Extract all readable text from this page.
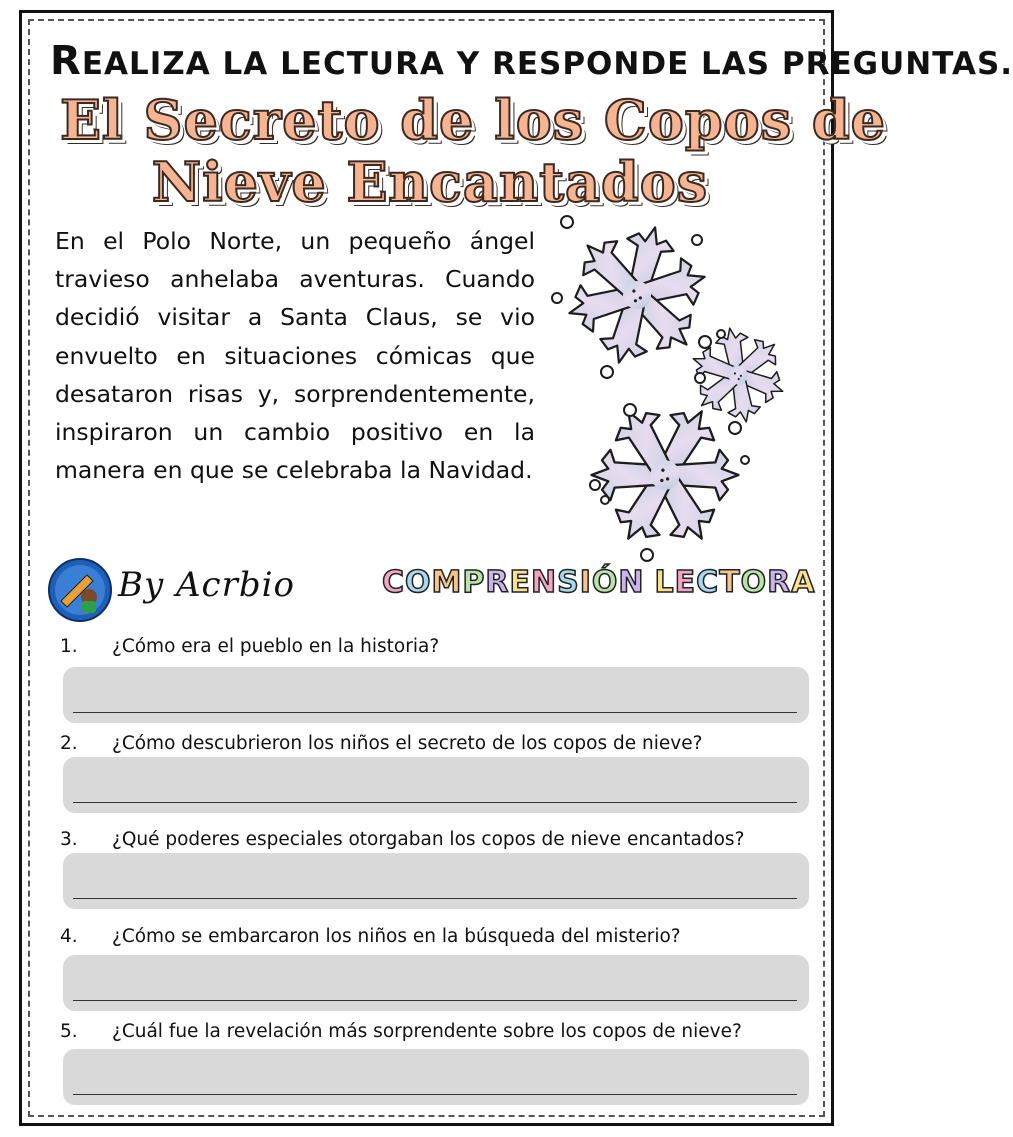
REALIZA LA LECTURA Y RESPONDE LAS PREGUNTAS.
El Secreto de los Copos de
Nieve Encantados
En el Polo Norte, un pequeño ángel travieso anhelaba aventuras. Cuando decidió visitar a Santa Claus, se vio envuelto en situaciones cómicas que desataron risas y, sorprendentemente, inspiraron un cambio positivo en la manera en que se celebraba la Navidad.
By Acrbio	COMPRENSIÓN LECTORA
1. ¿Cómo era el pueblo en la historia?
2. ¿Cómo descubrieron los niños el secreto de los copos de nieve?
3. ¿Qué poderes especiales otorgaban los copos de nieve encantados?
4. ¿Cómo se embarcaron los niños en la búsqueda del misterio?
5. ¿Cuál fue la revelación más sorprendente sobre los copos de nieve?
